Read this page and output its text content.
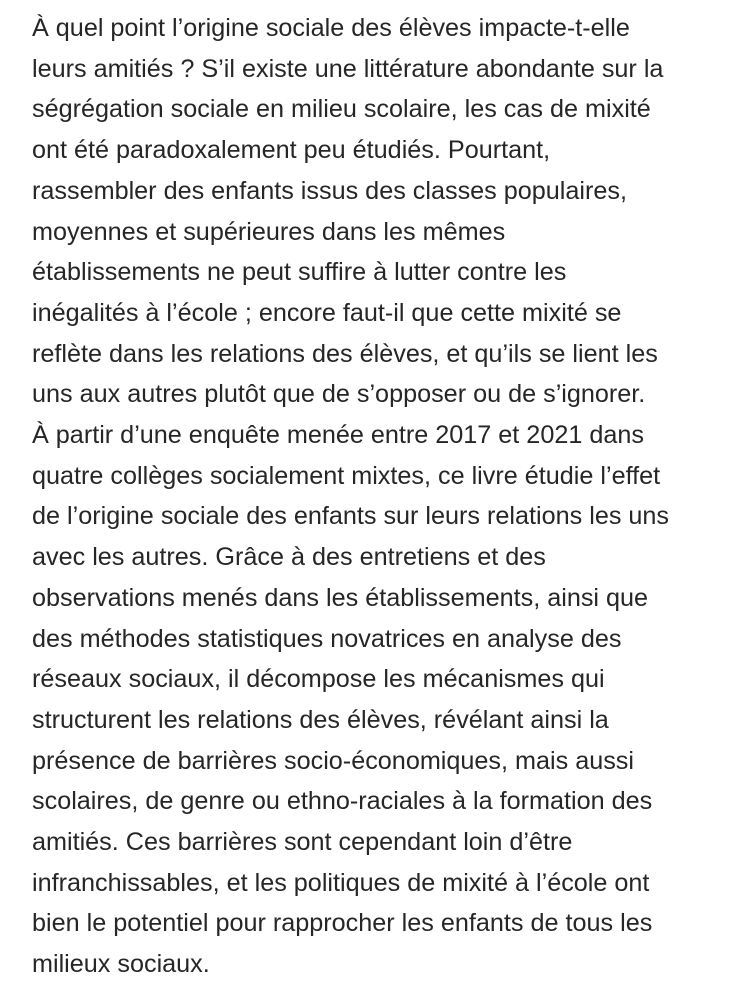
À quel point l’origine sociale des élèves impacte-t-elle
leurs amitiés ? S’il existe une littérature abondante sur la
ségrégation sociale en milieu scolaire, les cas de mixité
ont été paradoxalement peu étudiés. Pourtant,
rassembler des enfants issus des classes populaires,
moyennes et supérieures dans les mêmes
établissements ne peut suffire à lutter contre les
inégalités à l’école ; encore faut-il que cette mixité se
reflète dans les relations des élèves, et qu’ils se lient les
uns aux autres plutôt que de s’opposer ou de s’ignorer.
À partir d’une enquête menée entre 2017 et 2021 dans
quatre collèges socialement mixtes, ce livre étudie l’effet
de l’origine sociale des enfants sur leurs relations les uns
avec les autres. Grâce à des entretiens et des
observations menés dans les établissements, ainsi que
des méthodes statistiques novatrices en analyse des
réseaux sociaux, il décompose les mécanismes qui
structurent les relations des élèves, révélant ainsi la
présence de barrières socio-économiques, mais aussi
scolaires, de genre ou ethno-raciales à la formation des
amitiés. Ces barrières sont cependant loin d’être
infranchissables, et les politiques de mixité à l’école ont
bien le potentiel pour rapprocher les enfants de tous les
milieux sociaux.
